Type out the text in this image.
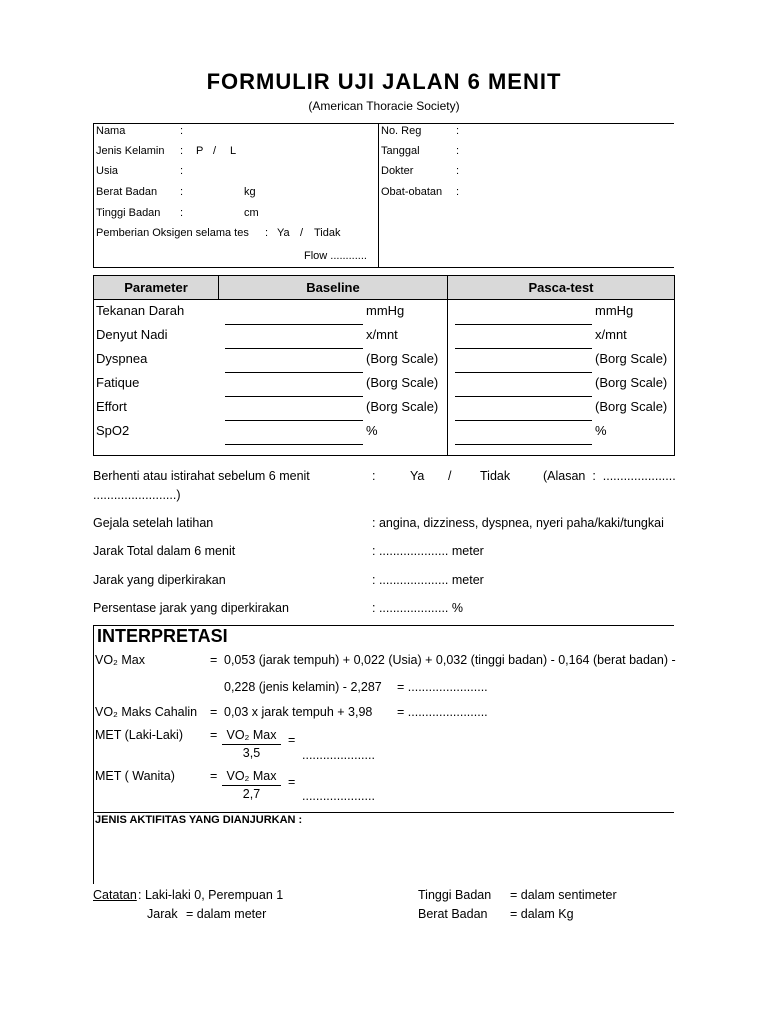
FORMULIR UJI JALAN 6 MENIT
(American Thoracie Society)
Nama	:
Jenis Kelamin : P / L
Usia	:
Berat Badan :	kg
Tinggi Badan :	cm
Pemberian Oksigen selama tes : Ya / Tidak
Flow ............
No. Reg	:
Tanggal	:
Dokter	:
Obat-obatan :
Parameter	Baseline	Pasca-test
Tekanan Darah	mmHg	mmHg
Denyut Nadi	x/mnt	x/mnt
Dyspnea	(Borg Scale)	(Borg Scale)
Fatique	(Borg Scale)	(Borg Scale)
Effort	(Borg Scale)	(Borg Scale)
SpO2	%	%
Berhenti atau istirahat sebelum 6 menit	:	Ya / Tidak	(Alasan  :  .....................
........................)
Gejala setelah latihan	: angina, dizziness, dyspnea, nyeri paha/kaki/tungkai
Jarak Total dalam 6 menit	: .................... meter
Jarak yang diperkirakan	: .................... meter
Persentase jarak yang diperkirakan	: .................... %
INTERPRETASI
VO₂ Max	= 0,053 (jarak tempuh) + 0,022 (Usia) + 0,032 (tinggi badan) - 0,164 (berat badan) -
0,228 (jenis kelamin) - 2,287 = .......................
VO₂ Maks Cahalin = 0,03 x jarak tempuh + 3,98 = .......................
MET (Laki-Laki) = VO₂ Max
3,5
=
.....................
MET ( Wanita)	= VO₂ Max
2,7
=
.....................
JENIS AKTIFITAS YANG DIANJURKAN :
Catatan : Laki-laki 0, Perempuan 1
Jarak = dalam meter
Tinggi Badan = dalam sentimeter
Berat Badan = dalam Kg
